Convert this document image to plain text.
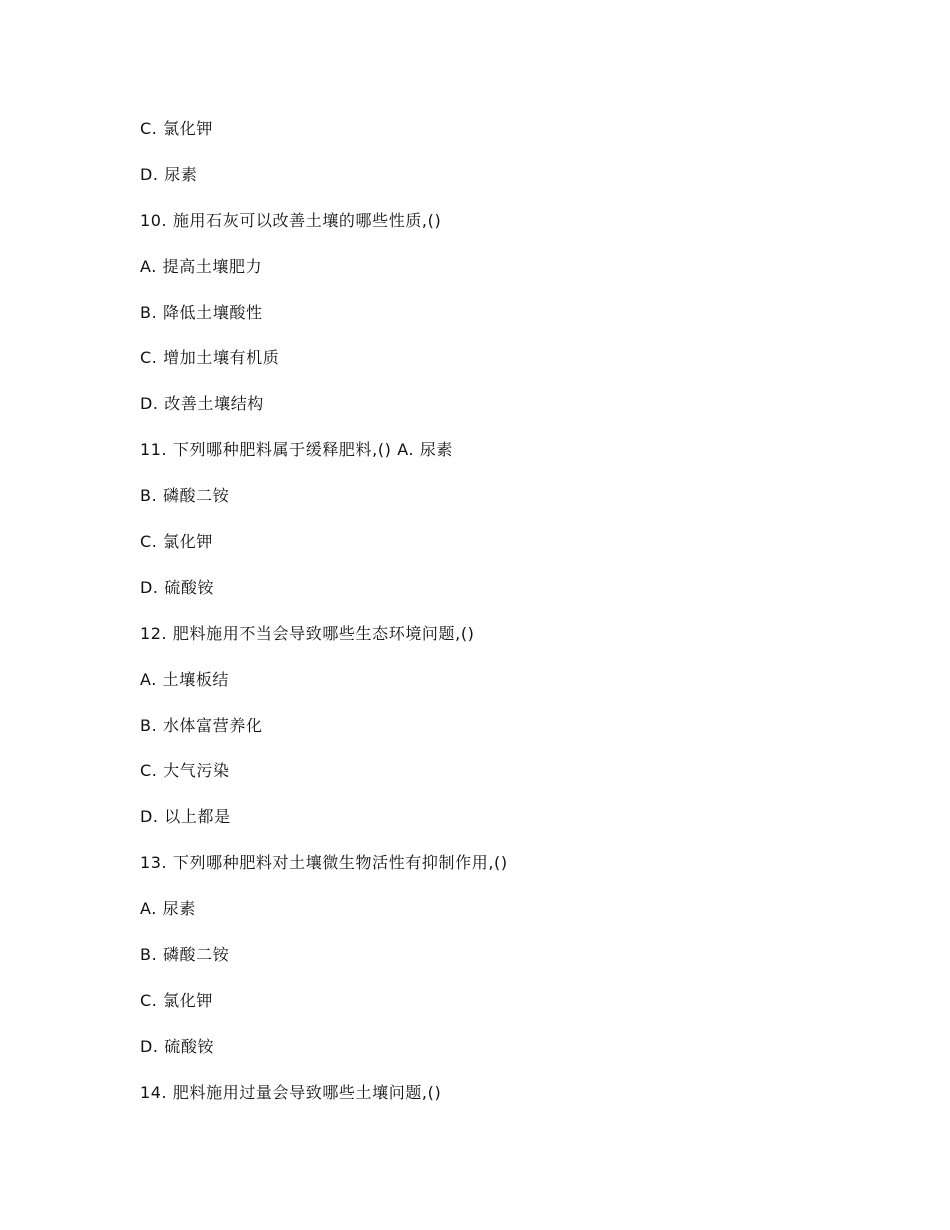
C. 氯化钾
D. 尿素
10. 施用石灰可以改善土壤的哪些性质,()
A. 提高土壤肥力
B. 降低土壤酸性
C. 增加土壤有机质
D. 改善土壤结构
11. 下列哪种肥料属于缓释肥料,() A. 尿素
B. 磷酸二铵
C. 氯化钾
D. 硫酸铵
12. 肥料施用不当会导致哪些生态环境问题,()
A. 土壤板结
B. 水体富营养化
C. 大气污染
D. 以上都是
13. 下列哪种肥料对土壤微生物活性有抑制作用,()
A. 尿素
B. 磷酸二铵
C. 氯化钾
D. 硫酸铵
14. 肥料施用过量会导致哪些土壤问题,()
